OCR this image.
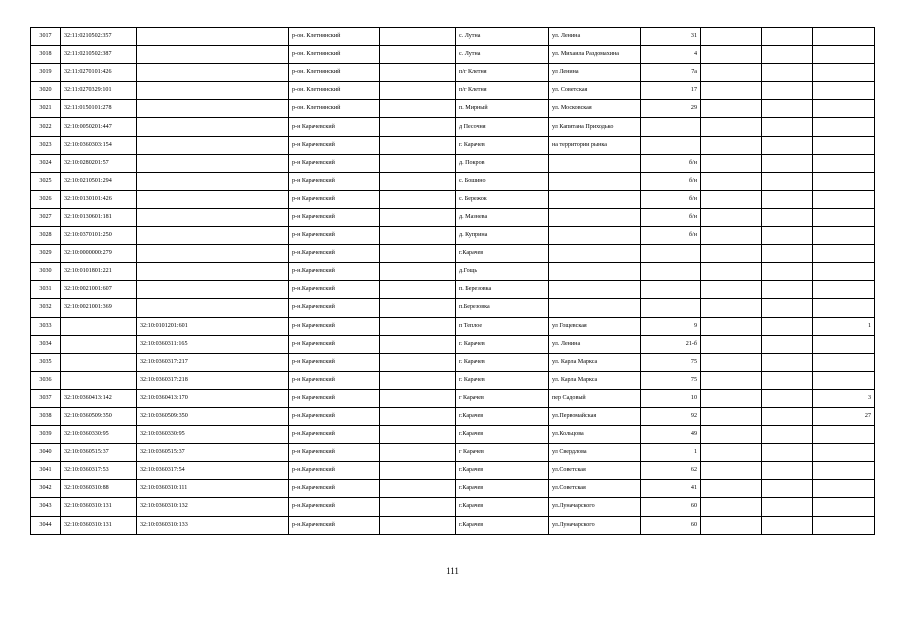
3017	32:11:0210502:357		р-он. Клетнянский		с. Лутна	ул. Ленина	31			
3018	32:11:0210502:387		р-он. Клетнянский		с. Лутна	ул. Михаила Раздомахина	4			
3019	32:11:0270101:426		р-он. Клетнянский		п/г Клетня	ул Ленина	7а			
3020	32:11:0270329:101		р-он. Клетнянский		п/г Клетня	ул. Советская	17			
3021	32:11:0150101:278		р-он. Клетнянский		п. Мирный	ул. Московская	29			
3022	32:10:0050201:447		р-н Карачевский		д Песочня	ул Капитана Приходько				
3023	32:10:0360303:154		р-н Карачевский		г. Карачев	на территории рынка				
3024	32:10:0280201:57		р-н Карачевский		д. Покров		б/н			
3025	32:10:0210501:294		р-н Карачевский		с. Бошино		б/н			
3026	32:10:0130101:426		р-н Карачевский		с. Бережок		б/н			
3027	32:10:0130601:181		р-н Карачевский		д. Мазнева		б/н			
3028	32:10:0370101:250		р-н Карачевский		д. Куприна		б/н			
3029	32:10:0000000:279		р-н.Карачевский		г.Карачев					
3030	32:10:0101801:221		р-н.Карачевский		д.Гощь					
3031	32:10:0021001:607		р-н.Карачевский		п. Березовка					
3032	32:10:0021001:369		р-н.Карачевский		п.Березовка					
3033		32:10:0101201:601	р-н Карачевский		п Теплое	ул Гощевская	9			1
3034		32:10:0360311:165	р-н Карачевский		г. Карачев	ул. Ленина	21-б			
3035		32:10:0360317:217	р-н Карачевский		г. Карачев	ул. Карла Маркса	75			
3036		32:10:0360317:218	р-н Карачевский		г. Карачев	ул. Карла Маркса	75			
3037	32:10:0360413:142	32:10:0360413:170	р-н Карачевский		г Карачев	пер Садовый	10			3
3038	32:10:0360509:350	32:10:0360509:350	р-н.Карачевский		г.Карачев	ул.Первомайская	92			27
3039	32:10:0360330:95	32:10:0360330:95	р-н.Карачевский		г.Карачев	ул.Кольцова	49			
3040	32:10:0360515:37	32:10:0360515:37	р-н Карачевский		г Карачев	ул Свердлова	1			
3041	32:10:0360317:53	32:10:0360317:54	р-н.Карачевский		г.Карачев	ул.Советская	62			
3042	32:10:0360310:88	32:10:0360310:111	р-н.Карачевский		г.Карачев	ул.Советская	41			
3043	32:10:0360310:131	32:10:0360310:132	р-н.Карачевский		г.Карачев	ул.Луначарского	60			
3044	32:10:0360310:131	32:10:0360310:133	р-н.Карачевский		г.Карачев	ул.Луначарского	60			
111
